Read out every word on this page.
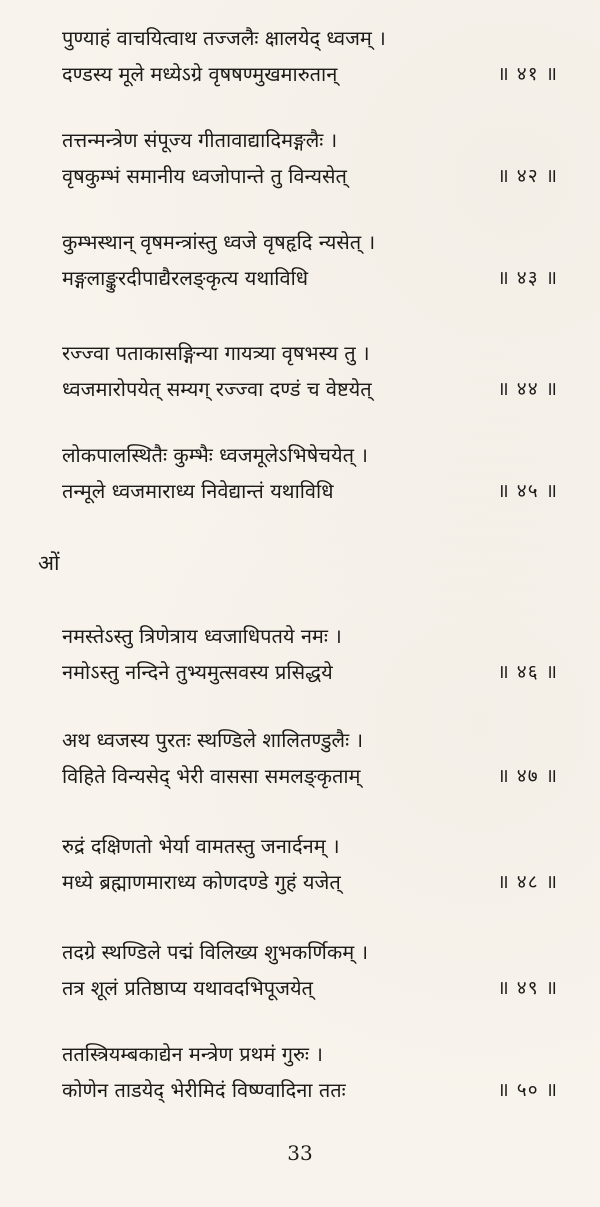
पुण्याहं वाचयित्वाथ तज्जलैः क्षालयेद् ध्वजम् ।
दण्डस्य मूले मध्येऽग्रे वृषषण्मुखमारुतान्	॥ ४१ ॥
तत्तन्मन्त्रेण संपूज्य गीतावाद्यादिमङ्गलैः ।
वृषकुम्भं समानीय ध्वजोपान्ते तु विन्यसेत्	॥ ४२ ॥
कुम्भस्थान् वृषमन्त्रांस्तु ध्वजे वृषहृदि न्यसेत् ।
मङ्गलाङ्कुरदीपाद्यैरलङ्कृत्य यथाविधि	॥ ४३ ॥
रज्ज्वा पताकासङ्गिन्या गायत्र्या वृषभस्य तु ।
ध्वजमारोपयेत् सम्यग् रज्ज्वा दण्डं च वेष्टयेत्	॥ ४४ ॥
लोकपालस्थितैः कुम्भैः ध्वजमूलेऽभिषेचयेत् ।
तन्मूले ध्वजमाराध्य निवेद्यान्तं यथाविधि	॥ ४५ ॥
ओं
नमस्तेऽस्तु त्रिणेत्राय ध्वजाधिपतये नमः ।
नमोऽस्तु नन्दिने तुभ्यमुत्सवस्य प्रसिद्धये	॥ ४६ ॥
अथ ध्वजस्य पुरतः स्थण्डिले शालितण्डुलैः ।
विहिते विन्यसेद् भेरी वाससा समलङ्कृताम्	॥ ४७ ॥
रुद्रं दक्षिणतो भेर्या वामतस्तु जनार्दनम् ।
मध्ये ब्रह्माणमाराध्य कोणदण्डे गुहं यजेत्	॥ ४८ ॥
तदग्रे स्थण्डिले पद्मं विलिख्य शुभकर्णिकम् ।
तत्र शूलं प्रतिष्ठाप्य यथावदभिपूजयेत्	॥ ४९ ॥
ततस्त्रियम्बकाद्येन मन्त्रेण प्रथमं गुरुः ।
कोणेन ताडयेद् भेरीमिदं विष्ण्वादिना ततः	॥ ५० ॥
33
